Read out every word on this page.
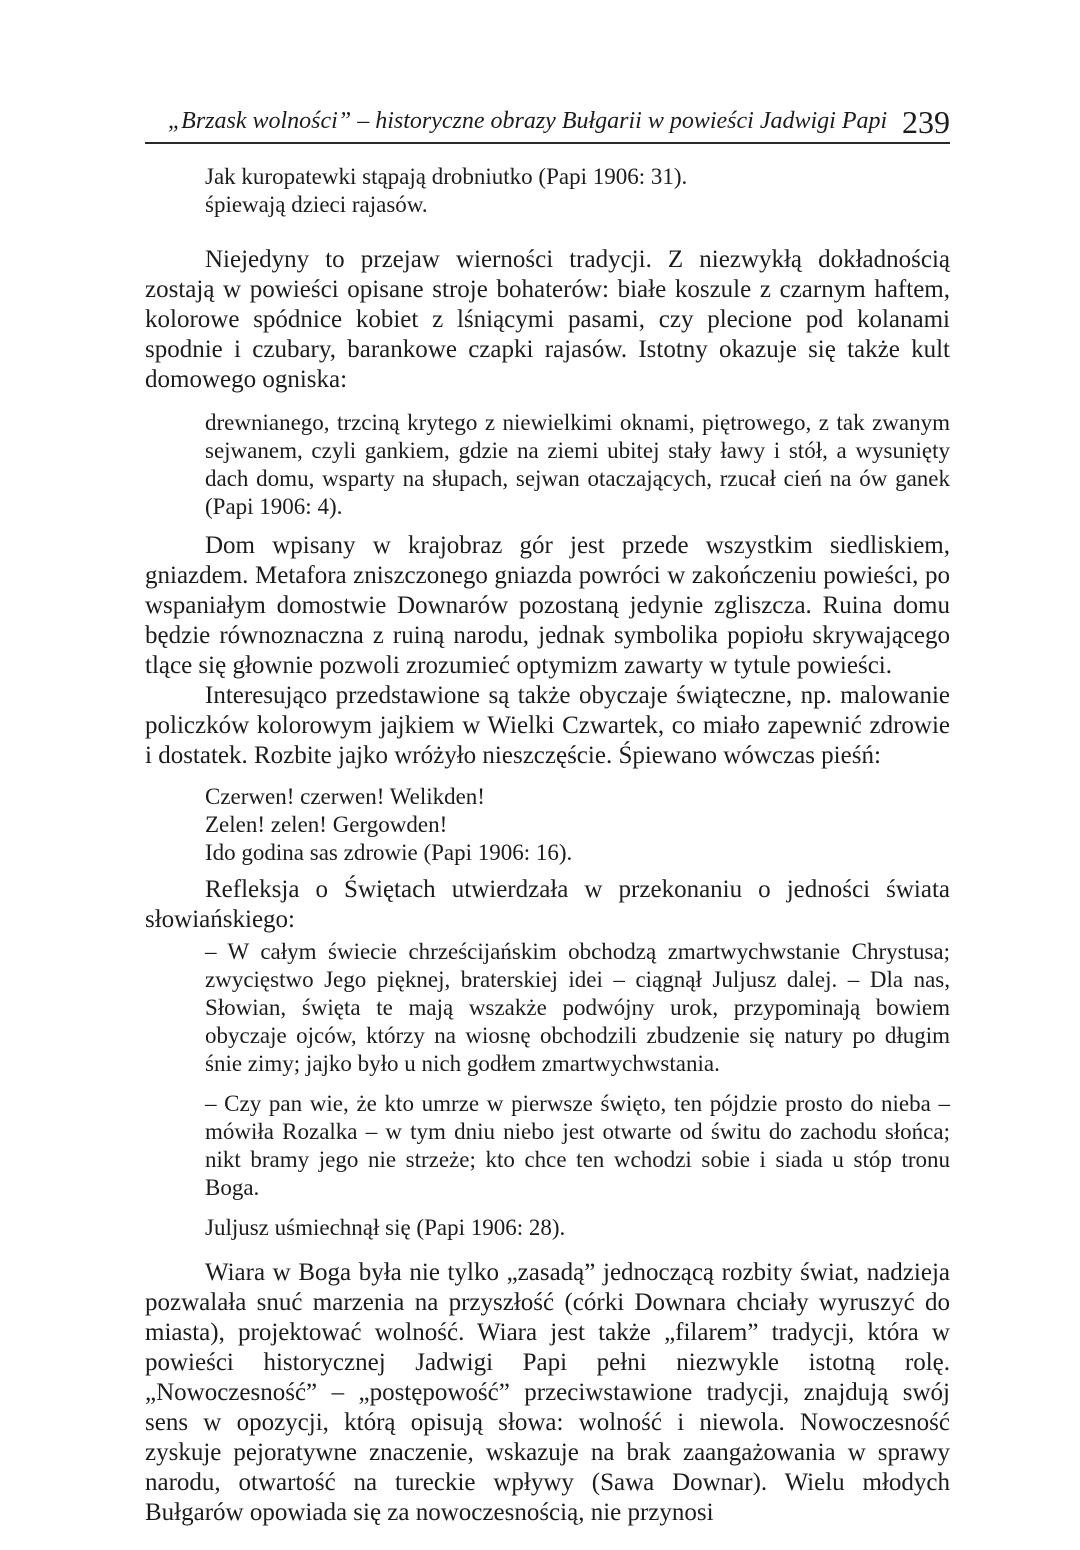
„Brzask wolności” – historyczne obrazy Bułgarii w powieści Jadwigi Papi 239
Jak kuropatewki stąpają drobniutko (Papi 1906: 31).
śpiewają dzieci rajasów.

Niejedyny to przejaw wierności tradycji. Z niezwykłą dokładnością zostają w powieści opisane stroje bohaterów: białe koszule z czarnym haftem, kolorowe spódnice kobiet z lśniącymi pasami, czy plecione pod kolanami spodnie i czubary, barankowe czapki rajasów. Istotny okazuje się także kult domowego ogniska:

drewnianego, trzciną krytego z niewielkimi oknami, piętrowego, z tak zwanym sejwanem, czyli gankiem, gdzie na ziemi ubitej stały ławy i stół, a wysunięty dach domu, wsparty na słupach, sejwan otaczających, rzucał cień na ów ganek (Papi 1906: 4).

Dom wpisany w krajobraz gór jest przede wszystkim siedliskiem, gniazdem. Metafora zniszczonego gniazda powróci w zakończeniu powieści, po wspaniałym domostwie Downarów pozostaną jedynie zgliszcza. Ruina domu będzie równoznaczna z ruiną narodu, jednak symbolika popiołu skrywającego tlące się głownie pozwoli zrozumieć optymizm zawarty w tytule powieści.

Interesująco przedstawione są także obyczaje świąteczne, np. malowanie policzków kolorowym jajkiem w Wielki Czwartek, co miało zapewnić zdrowie i dostatek. Rozbite jajko wróżyło nieszczęście. Śpiewano wówczas pieśń:

Czerwen! czerwen! Welikden!
Zelen! zelen! Gergowden!
Ido godina sas zdrowie (Papi 1906: 16).

Refleksja o Świętach utwierdzała w przekonaniu o jedności świata słowiańskiego:

– W całym świecie chrześcijańskim obchodzą zmartwychwstanie Chrystusa; zwycięstwo Jego pięknej, braterskiej idei – ciągnął Juljusz dalej. – Dla nas, Słowian, święta te mają wszakże podwójny urok, przypominają bowiem obyczaje ojców, którzy na wiosnę obchodzili zbudzenie się natury po długim śnie zimy; jajko było u nich godłem zmartwychwstania.

– Czy pan wie, że kto umrze w pierwsze święto, ten pójdzie prosto do nieba – mówiła Rozalka – w tym dniu niebo jest otwarte od świtu do zachodu słońca; nikt bramy jego nie strzeże; kto chce ten wchodzi sobie i siada u stóp tronu Boga.

Juljusz uśmiechnął się (Papi 1906: 28).

Wiara w Boga była nie tylko „zasadą” jednoczącą rozbity świat, nadzieja pozwalała snuć marzenia na przyszłość (córki Downara chciały wyruszyć do miasta), projektować wolność. Wiara jest także „filarem” tradycji, która w powieści historycznej Jadwigi Papi pełni niezwykle istotną rolę. „Nowoczesność” – „postępowość” przeciwstawione tradycji, znajdują swój sens w opozycji, którą opisują słowa: wolność i niewola. Nowoczesność zyskuje pejoratywne znaczenie, wskazuje na brak zaangażowania w sprawy narodu, otwartość na tureckie wpływy (Sawa Downar). Wielu młodych Bułgarów opowiada się za nowoczesnością, nie przynosi
